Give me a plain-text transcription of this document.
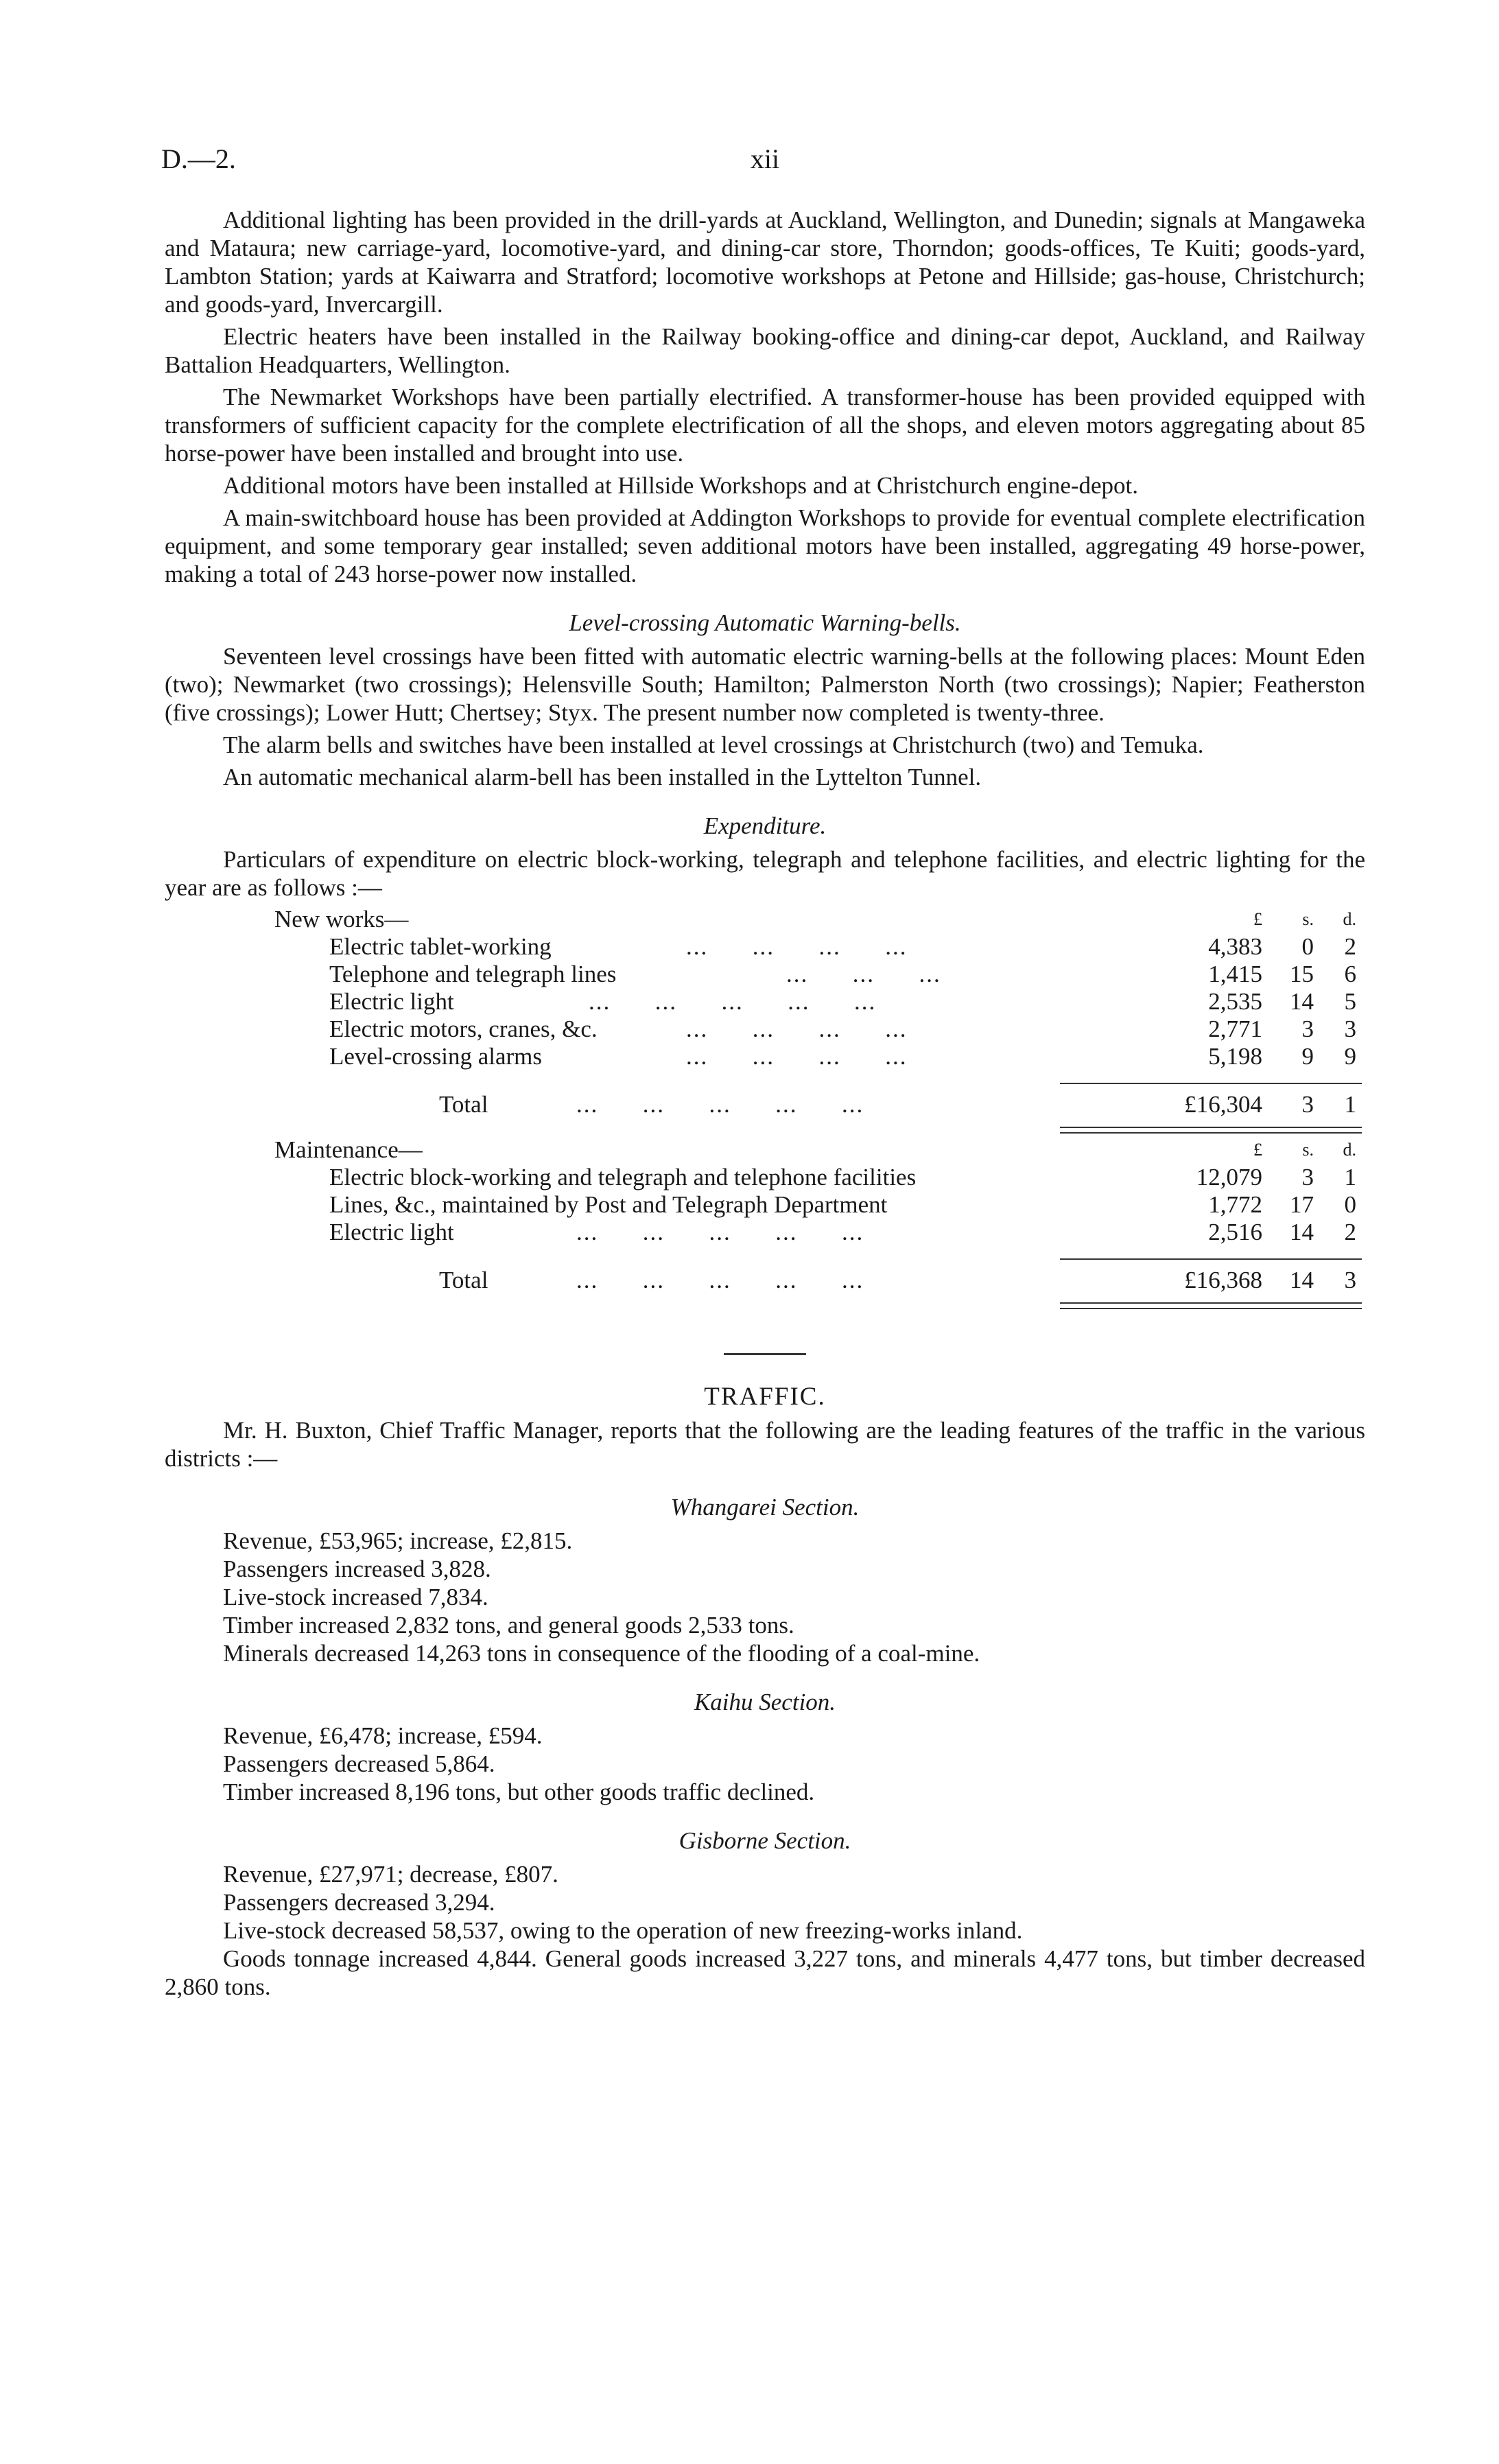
D.—2.	xii

Additional lighting has been provided in the drill-yards at Auckland, Wellington, and Dunedin; signals at Mangaweka and Mataura; new carriage-yard, locomotive-yard, and dining-car store, Thorndon; goods-offices, Te Kuiti; goods-yard, Lambton Station; yards at Kaiwarra and Stratford; locomotive workshops at Petone and Hillside; gas-house, Christchurch; and goods-yard, Invercargill.

Electric heaters have been installed in the Railway booking-office and dining-car depot, Auckland, and Railway Battalion Headquarters, Wellington.

The Newmarket Workshops have been partially electrified. A transformer-house has been provided equipped with transformers of sufficient capacity for the complete electrification of all the shops, and eleven motors aggregating about 85 horse-power have been installed and brought into use.

Additional motors have been installed at Hillside Workshops and at Christchurch engine-depot.

A main-switchboard house has been provided at Addington Workshops to provide for eventual complete electrification equipment, and some temporary gear installed; seven additional motors have been installed, aggregating 49 horse-power, making a total of 243 horse-power now installed.

Level-crossing Automatic Warning-bells.

Seventeen level crossings have been fitted with automatic electric warning-bells at the following places: Mount Eden (two); Newmarket (two crossings); Helensville South; Hamilton; Palmerston North (two crossings); Napier; Featherston (five crossings); Lower Hutt; Chertsey; Styx. The present number now completed is twenty-three.

The alarm bells and switches have been installed at level crossings at Christchurch (two) and Temuka.

An automatic mechanical alarm-bell has been installed in the Lyttelton Tunnel.

Expenditure.

Particulars of expenditure on electric block-working, telegraph and telephone facilities, and electric lighting for the year are as follows :—

New works—	£	s.	d.
Electric tablet-working	...      ...      ...      ...	4,383	0	2
Telephone and telegraph lines	...      ...      ...	1,415	15	6
Electric light	...      ...      ...      ...      ...	2,535	14	5
Electric motors, cranes, &c.	...      ...      ...      ...	2,771	3	3
Level-crossing alarms	...      ...      ...      ...	5,198	9	9
Total	...      ...      ...      ...      ...	£16,304	3	1
Maintenance—	£	s.	d.
Electric block-working and telegraph and telephone facilities	12,079	3	1
Lines, &c., maintained by Post and Telegraph Department	1,772	17	0
Electric light	...      ...      ...      ...      ...	2,516	14	2
Total	...      ...      ...      ...      ...	£16,368	14	3
TRAFFIC.

Mr. H. Buxton, Chief Traffic Manager, reports that the following are the leading features of the traffic in the various districts :—

Whangarei Section.
Revenue, £53,965; increase, £2,815.
Passengers increased 3,828.
Live-stock increased 7,834.
Timber increased 2,832 tons, and general goods 2,533 tons.
Minerals decreased 14,263 tons in consequence of the flooding of a coal-mine.
Kaihu Section.
Revenue, £6,478; increase, £594.
Passengers decreased 5,864.
Timber increased 8,196 tons, but other goods traffic declined.
Gisborne Section.
Revenue, £27,971; decrease, £807.
Passengers decreased 3,294.
Live-stock decreased 58,537, owing to the operation of new freezing-works inland.

Goods tonnage increased 4,844. General goods increased 3,227 tons, and minerals 4,477 tons, but timber decreased 2,860 tons.
